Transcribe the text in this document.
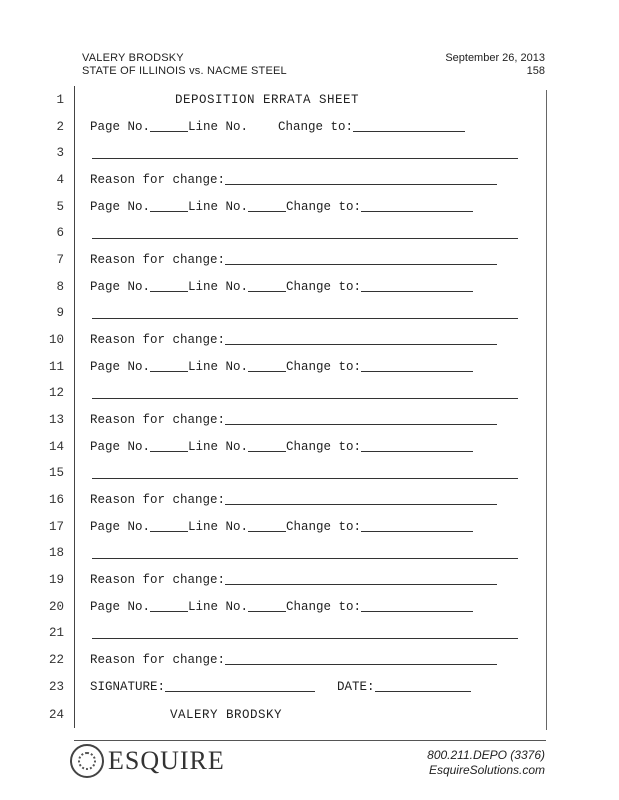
VALERY BRODSKY
STATE OF ILLINOIS vs. NACME STEEL
September 26, 2013
158
1	DEPOSITION ERRATA SHEET
2 Page No.	Line No. Change to:
3
4 Reason for change:
5 Page No.	Line No.	Change to:
6
7 Reason for change:
8 Page No.	Line No.	Change to:
9
10 Reason for change:
11 Page No.	Line No.	Change to:
12
13 Reason for change:
14 Page No.	Line No.	Change to:
15
16 Reason for change:
17 Page No.	Line No.	Change to:
18
19 Reason for change:
20 Page No.	Line No.	Change to:
21
22 Reason for change:
23 SIGNATURE:	DATE:
24	VALERY BRODSKY
ESQUIRE	800.211.DEPO (3376)
EsquireSolutions.com
